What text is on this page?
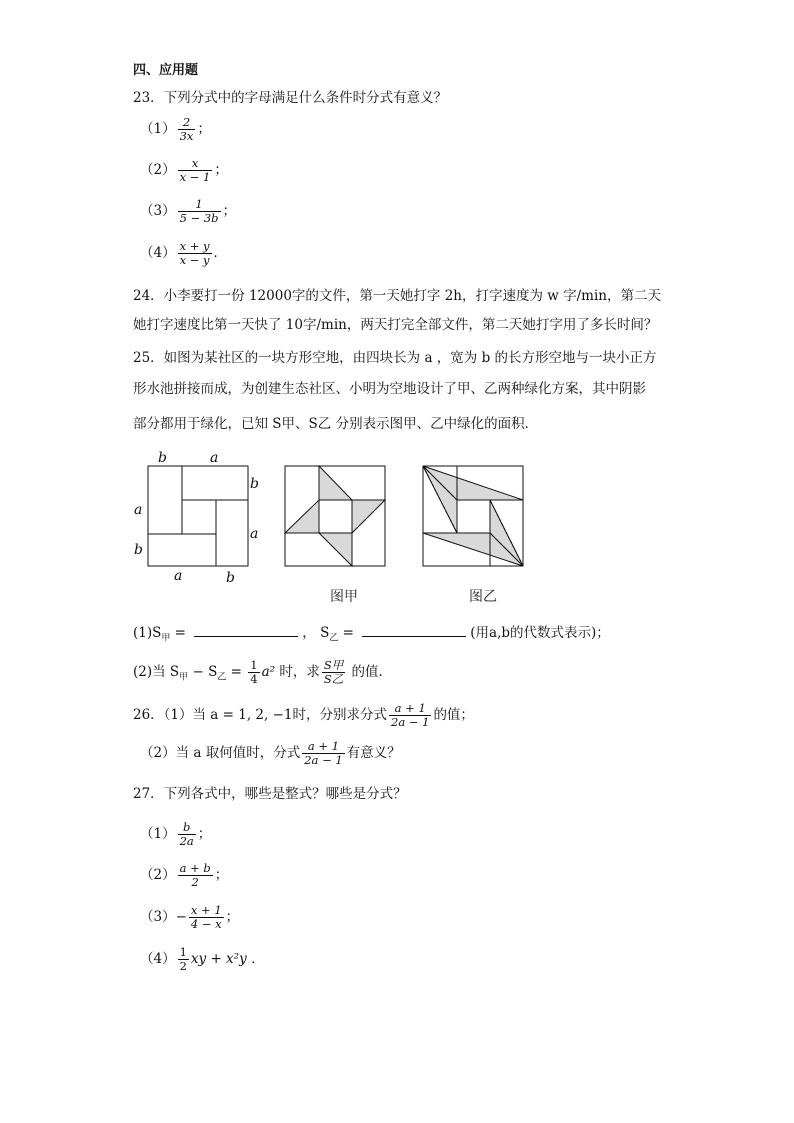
四、应用题
23．下列分式中的字母满足什么条件时分式有意义？
$(1) \frac{2}{3x}$ ；
$(2) \frac{x}{x - 1}$ ；
$(3) \frac{1}{5 - 3b}$ ；
$(4) \frac{x + y}{x - y}$ ．
24．小李要打一份 12000字的文件，第一天她打字 2h，打字速度为 w 字/min，第二天
她打字速度比第一天快了 10字/min，两天打完全部文件，第二天她打字用了多长时间？
25．如图为某社区的一块方形空地，由四块长为 a ，宽为 b 的长方形空地与一块小正方
形水池拼接而成，为创建生态社区、小明为空地设计了甲、乙两种绿化方案，其中阴影
部分都用于绿化，已知 S甲、S乙 分别表示图甲、乙中绿化的面积．
b	a
b
a
a
b
a	b
图甲	图乙
$(1)S_甲$ =	， $S_乙$ =	(用a,b的代数式表示)；
(2)当 $S_甲 - S_乙 = \frac{1}{4} a^2$ 时，求 $\frac{\text{S甲}}{\text{S乙}}$ 的值．
26．（1）当 a = 1, 2, −1时，分别求分式 $\frac{a + 1}{2a - 1}$ 的值；
（2）当 a 取何值时，分式 $\frac{a + 1}{2a - 1}$ 有意义？
27．下列各式中，哪些是整式？哪些是分式？
$(1) \frac{b}{2a}$ ；
$(2) \frac{a + b}{2}$ ；
$(3)- \frac{x + 1}{4 - x}$ ；
$(4) \frac{1}{2}$ xy + x²y ．
